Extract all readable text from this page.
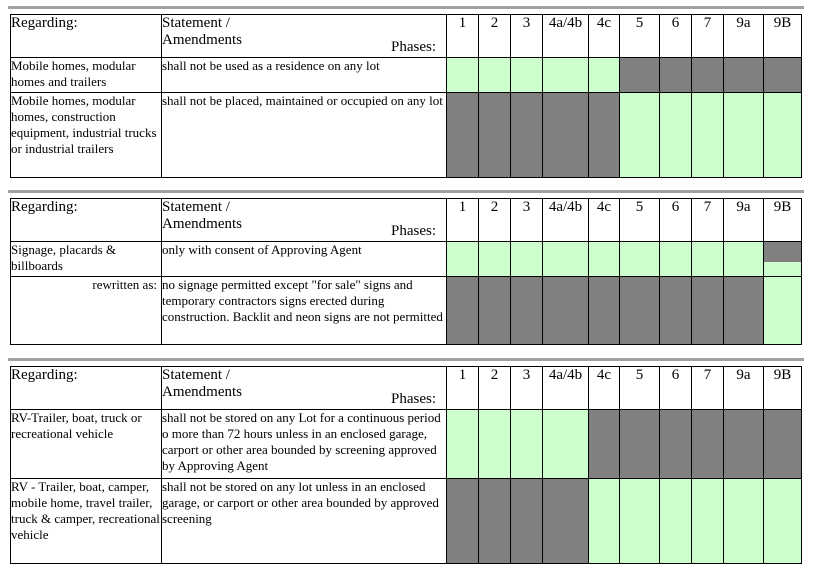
Regarding:	Statement /
Amendments Phases:	1	2	3	4a/4b	4c	5	6	7	9a	9B
Mobile homes, modular homes and trailers	shall not be used as a residence on any lot	

Mobile homes, modular homes, construction equipment, industrial trucks or industrial trailers	shall not be placed, maintained or occupied on any lot	

Regarding:	Statement /
Amendments Phases:	1	2	3	4a/4b	4c	5	6	7	9a	9B
Signage, placards & billboards	only with consent of Approving Agent	

rewritten as:	no signage permitted except "for sale" signs and temporary contractors signs erected during construction. Backlit and neon signs are not permitted	

Regarding:	Statement /
Amendments Phases:	1	2	3	4a/4b	4c	5	6	7	9a	9B
RV-Trailer, boat, truck or recreational vehicle	shall not be stored on any Lot for a continuous period o more than 72 hours unless in an enclosed garage, carport or other area bounded by screening approved by Approving Agent	

RV - Trailer, boat, camper, mobile home, travel trailer, truck & camper, recreational vehicle	shall not be stored on any lot unless in an enclosed garage, or carport or other area bounded by approved screening	
